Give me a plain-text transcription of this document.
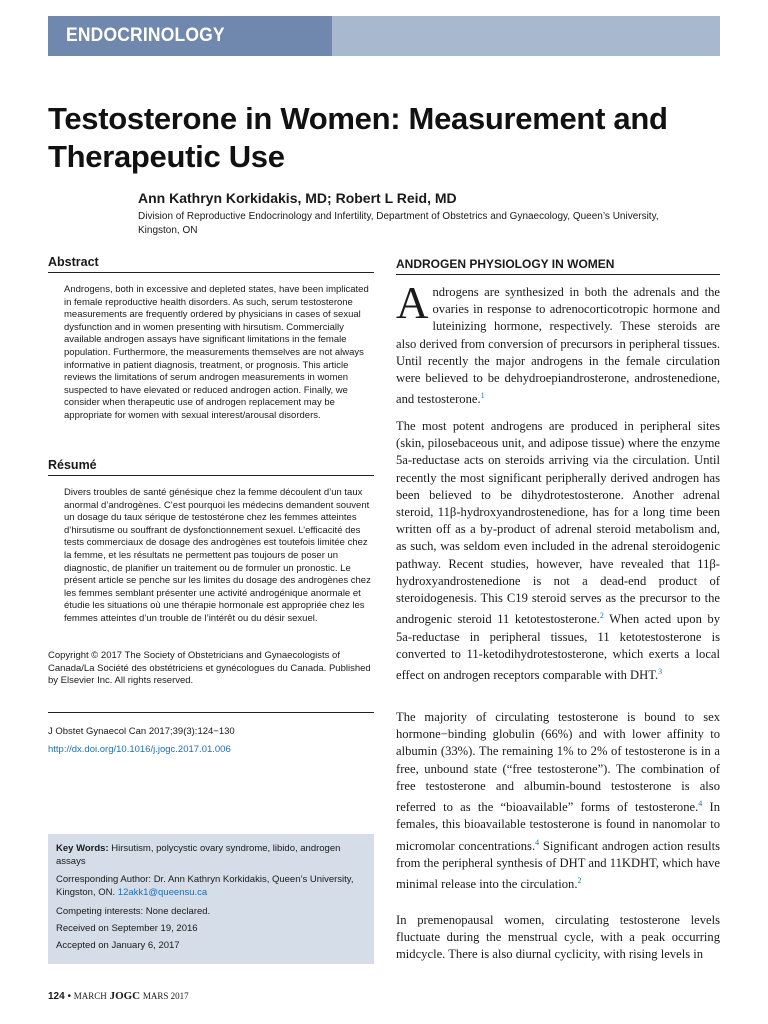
ENDOCRINOLOGY
Testosterone in Women: Measurement and Therapeutic Use
Ann Kathryn Korkidakis, MD; Robert L Reid, MD
Division of Reproductive Endocrinology and Infertility, Department of Obstetrics and Gynaecology, Queen’s University, Kingston, ON
Abstract
Androgens, both in excessive and depleted states, have been implicated in female reproductive health disorders. As such, serum testosterone measurements are frequently ordered by physicians in cases of sexual dysfunction and in women presenting with hirsutism. Commercially available androgen assays have significant limitations in the female population. Furthermore, the measurements themselves are not always informative in patient diagnosis, treatment, or prognosis. This article reviews the limitations of serum androgen measurements in women suspected to have elevated or reduced androgen action. Finally, we consider when therapeutic use of androgen replacement may be appropriate for women with sexual interest/arousal disorders.
Résumé
Divers troubles de santé génésique chez la femme découlent d’un taux anormal d’androgènes. C’est pourquoi les médecins demandent souvent un dosage du taux sérique de testostérone chez les femmes atteintes d’hirsutisme ou souffrant de dysfonctionnement sexuel. L’efficacité des tests commerciaux de dosage des androgènes est toutefois limitée chez la femme, et les résultats ne permettent pas toujours de poser un diagnostic, de planifier un traitement ou de formuler un pronostic. Le présent article se penche sur les limites du dosage des androgènes chez les femmes semblant présenter une activité androgénique anormale et étudie les situations où une thérapie hormonale est appropriée chez les femmes atteintes d’un trouble de l’intérêt ou du désir sexuel.
Copyright © 2017 The Society of Obstetricians and Gynaecologists of Canada/La Société des obstétriciens et gynécologues du Canada. Published by Elsevier Inc. All rights reserved.
J Obstet Gynaecol Can 2017;39(3):124−130
http://dx.doi.org/10.1016/j.jogc.2017.01.006
Key Words: Hirsutism, polycystic ovary syndrome, libido, androgen assays
Corresponding Author: Dr. Ann Kathryn Korkidakis, Queen’s University, Kingston, ON. 12akk1@queensu.ca
Competing interests: None declared.
Received on September 19, 2016
Accepted on January 6, 2017
ANDROGEN PHYSIOLOGY IN WOMEN

Androgens are synthesized in both the adrenals and the ovaries in response to adrenocorticotropic hormone and luteinizing hormone, respectively. These steroids are also derived from conversion of precursors in peripheral tissues. Until recently the major androgens in the female circulation were believed to be dehydroepiandrosterone, androstenedione, and testosterone.$^1$

The most potent androgens are produced in peripheral sites (skin, pilosebaceous unit, and adipose tissue) where the enzyme 5a-reductase acts on steroids arriving via the circulation. Until recently the most significant peripherally derived androgen has been believed to be dihydrotestosterone. Another adrenal steroid, 11β-hydroxyandrostenedione, has for a long time been written off as a by-product of adrenal steroid metabolism and, as such, was seldom even included in the adrenal steroidogenic pathway. Recent studies, however, have revealed that 11β-hydroxyandrostenedione is not a dead-end product of steroidogenesis. This C19 steroid serves as the precursor to the androgenic steroid 11 ketotestosterone.$^2$ When acted upon by 5a-reductase in peripheral tissues, 11 ketotestosterone is converted to 11-ketodihydrotestosterone, which exerts a local effect on androgen receptors comparable with DHT.$^3$

The majority of circulating testosterone is bound to sex hormone−binding globulin (66%) and with lower affinity to albumin (33%). The remaining 1% to 2% of testosterone is in a free, unbound state (“free testosterone”). The combination of free testosterone and albumin-bound testosterone is also referred to as the “bioavailable” forms of testosterone.$^4$ In females, this bioavailable testosterone is found in nanomolar to micromolar concentrations.$^4$ Significant androgen action results from the peripheral synthesis of DHT and 11KDHT, which have minimal release into the circulation.$^2$

In premenopausal women, circulating testosterone levels fluctuate during the menstrual cycle, with a peak occurring midcycle. There is also diurnal cyclicity, with rising levels in

124 • MARCH JOGC MARS 2017
